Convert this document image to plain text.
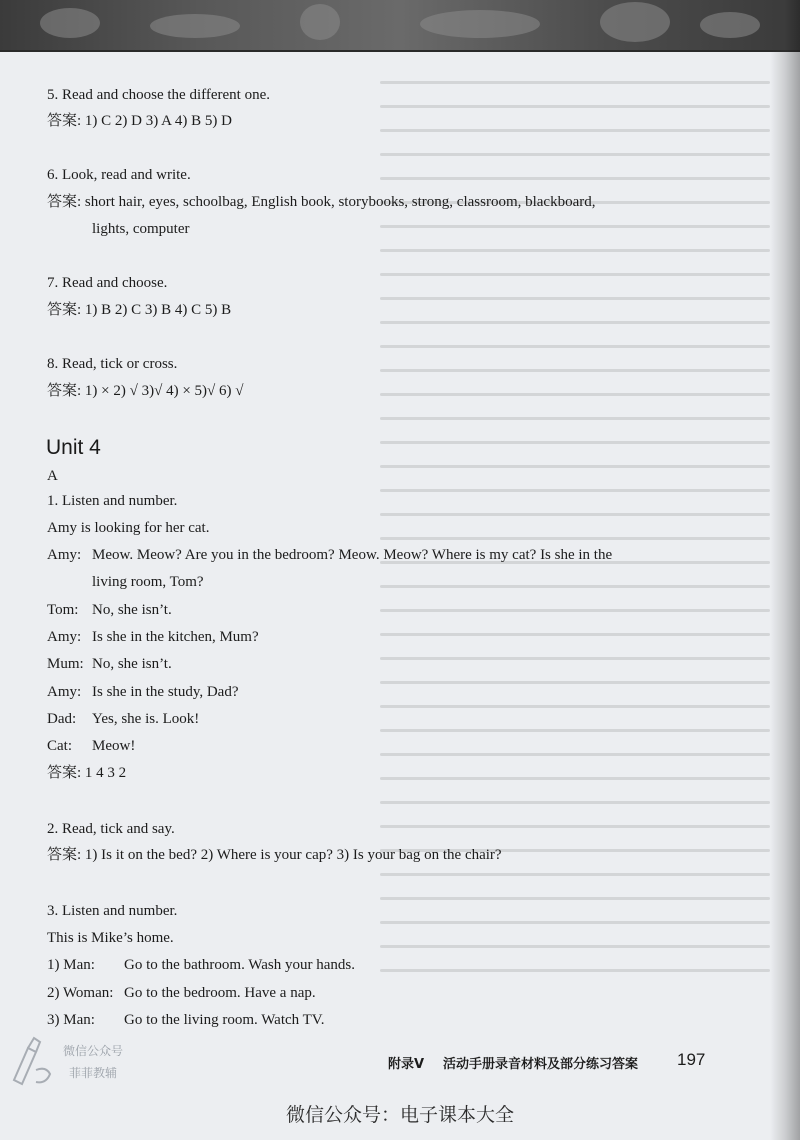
5. Read and choose the different one.
答案: 1) C 2) D 3) A 4) B 5) D
6. Look, read and write.
答案: short hair, eyes, schoolbag, English book, storybooks, strong, classroom, blackboard,
lights, computer
7. Read and choose.
答案: 1) B 2) C 3) B 4) C 5) B
8. Read, tick or cross.
答案: 1) × 2) √ 3)√ 4) × 5)√ 6) √
Unit 4
A
1. Listen and number.
Amy is looking for her cat.
Amy: Meow. Meow? Are you in the bedroom? Meow. Meow? Where is my cat? Is she in the
living room, Tom?
Tom: No, she isn’t.
Amy: Is she in the kitchen, Mum?
Mum: No, she isn’t.
Amy: Is she in the study, Dad?
Dad: Yes, she is. Look!
Cat: Meow!
答案: 1 4 3 2
2. Read, tick and say.
答案: 1) Is it on the bed? 2) Where is your cap? 3) Is your bag on the chair?
3. Listen and number.
This is Mike’s home.
1) Man: Go to the bathroom. Wash your hands.
2) Woman: Go to the bedroom. Have a nap.
3) Man: Go to the living room. Watch TV.
微信公众号
菲菲教辅
附录V 活动手册录音材料及部分练习答案 197
微信公众号：电子课本大全
